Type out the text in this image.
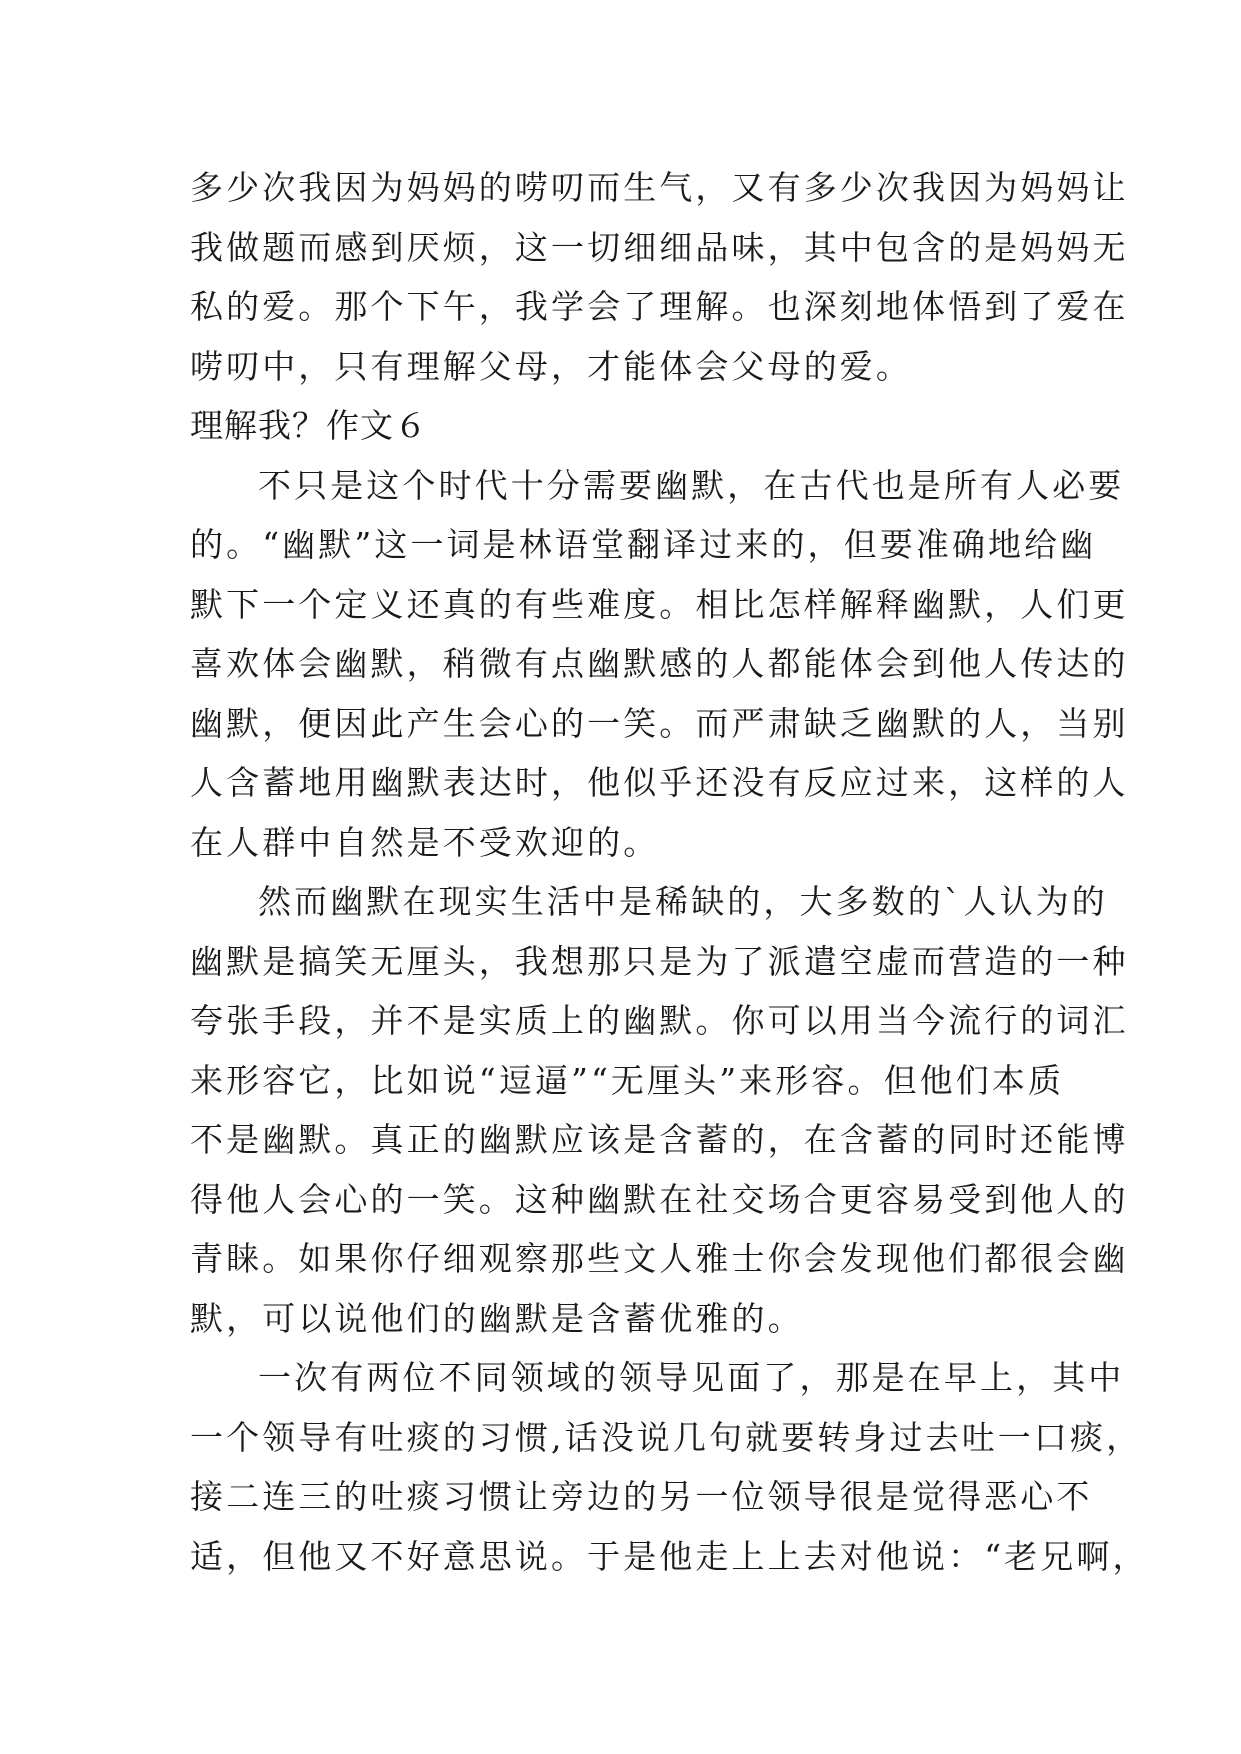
多少次我因为妈妈的唠叨而生气，又有多少次我因为妈妈让
我做题而感到厌烦，这一切细细品味，其中包含的是妈妈无
私的爱。那个下午，我学会了理解。也深刻地体悟到了爱在
唠叨中，只有理解父母，才能体会父母的爱。
理解我？作文６
不只是这个时代十分需要幽默，在古代也是所有人必要
的。“幽默”这一词是林语堂翻译过来的，但要准确地给幽
默下一个定义还真的有些难度。相比怎样解释幽默，人们更
喜欢体会幽默，稍微有点幽默感的人都能体会到他人传达的
幽默，便因此产生会心的一笑。而严肃缺乏幽默的人，当别
人含蓄地用幽默表达时，他似乎还没有反应过来，这样的人
在人群中自然是不受欢迎的。
然而幽默在现实生活中是稀缺的，大多数的`人认为的
幽默是搞笑无厘头，我想那只是为了派遣空虚而营造的一种
夸张手段，并不是实质上的幽默。你可以用当今流行的词汇
来形容它，比如说“逗逼”“无厘头”来形容。但他们本质
不是幽默。真正的幽默应该是含蓄的，在含蓄的同时还能博
得他人会心的一笑。这种幽默在社交场合更容易受到他人的
青睐。如果你仔细观察那些文人雅士你会发现他们都很会幽
默，可以说他们的幽默是含蓄优雅的。
一次有两位不同领域的领导见面了，那是在早上，其中
一个领导有吐痰的习惯,话没说几句就要转身过去吐一口痰，
接二连三的吐痰习惯让旁边的另一位领导很是觉得恶心不
适，但他又不好意思说。于是他走上上去对他说：“老兄啊，
